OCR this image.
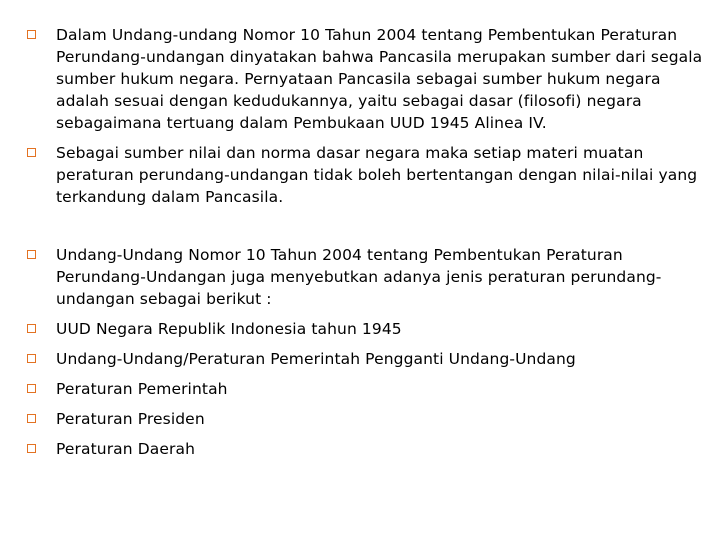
Dalam Undang-undang Nomor 10 Tahun 2004 tentang Pembentukan Peraturan Perundang-undangan dinyatakan bahwa Pancasila merupakan sumber dari segala sumber hukum negara. Pernyataan Pancasila sebagai sumber hukum negara adalah sesuai dengan kedudukannya, yaitu sebagai dasar (filosofi) negara sebagaimana tertuang dalam Pembukaan UUD 1945 Alinea IV.
Sebagai sumber nilai dan norma dasar negara maka setiap materi muatan peraturan perundang-undangan tidak boleh bertentangan dengan nilai-nilai yang terkandung dalam Pancasila.
Undang-Undang Nomor 10 Tahun 2004 tentang Pembentukan Peraturan Perundang-Undangan juga menyebutkan adanya jenis peraturan perundang-undangan sebagai berikut :
UUD Negara Republik Indonesia tahun 1945
Undang-Undang/Peraturan Pemerintah Pengganti Undang-Undang
Peraturan Pemerintah
Peraturan Presiden
Peraturan Daerah
